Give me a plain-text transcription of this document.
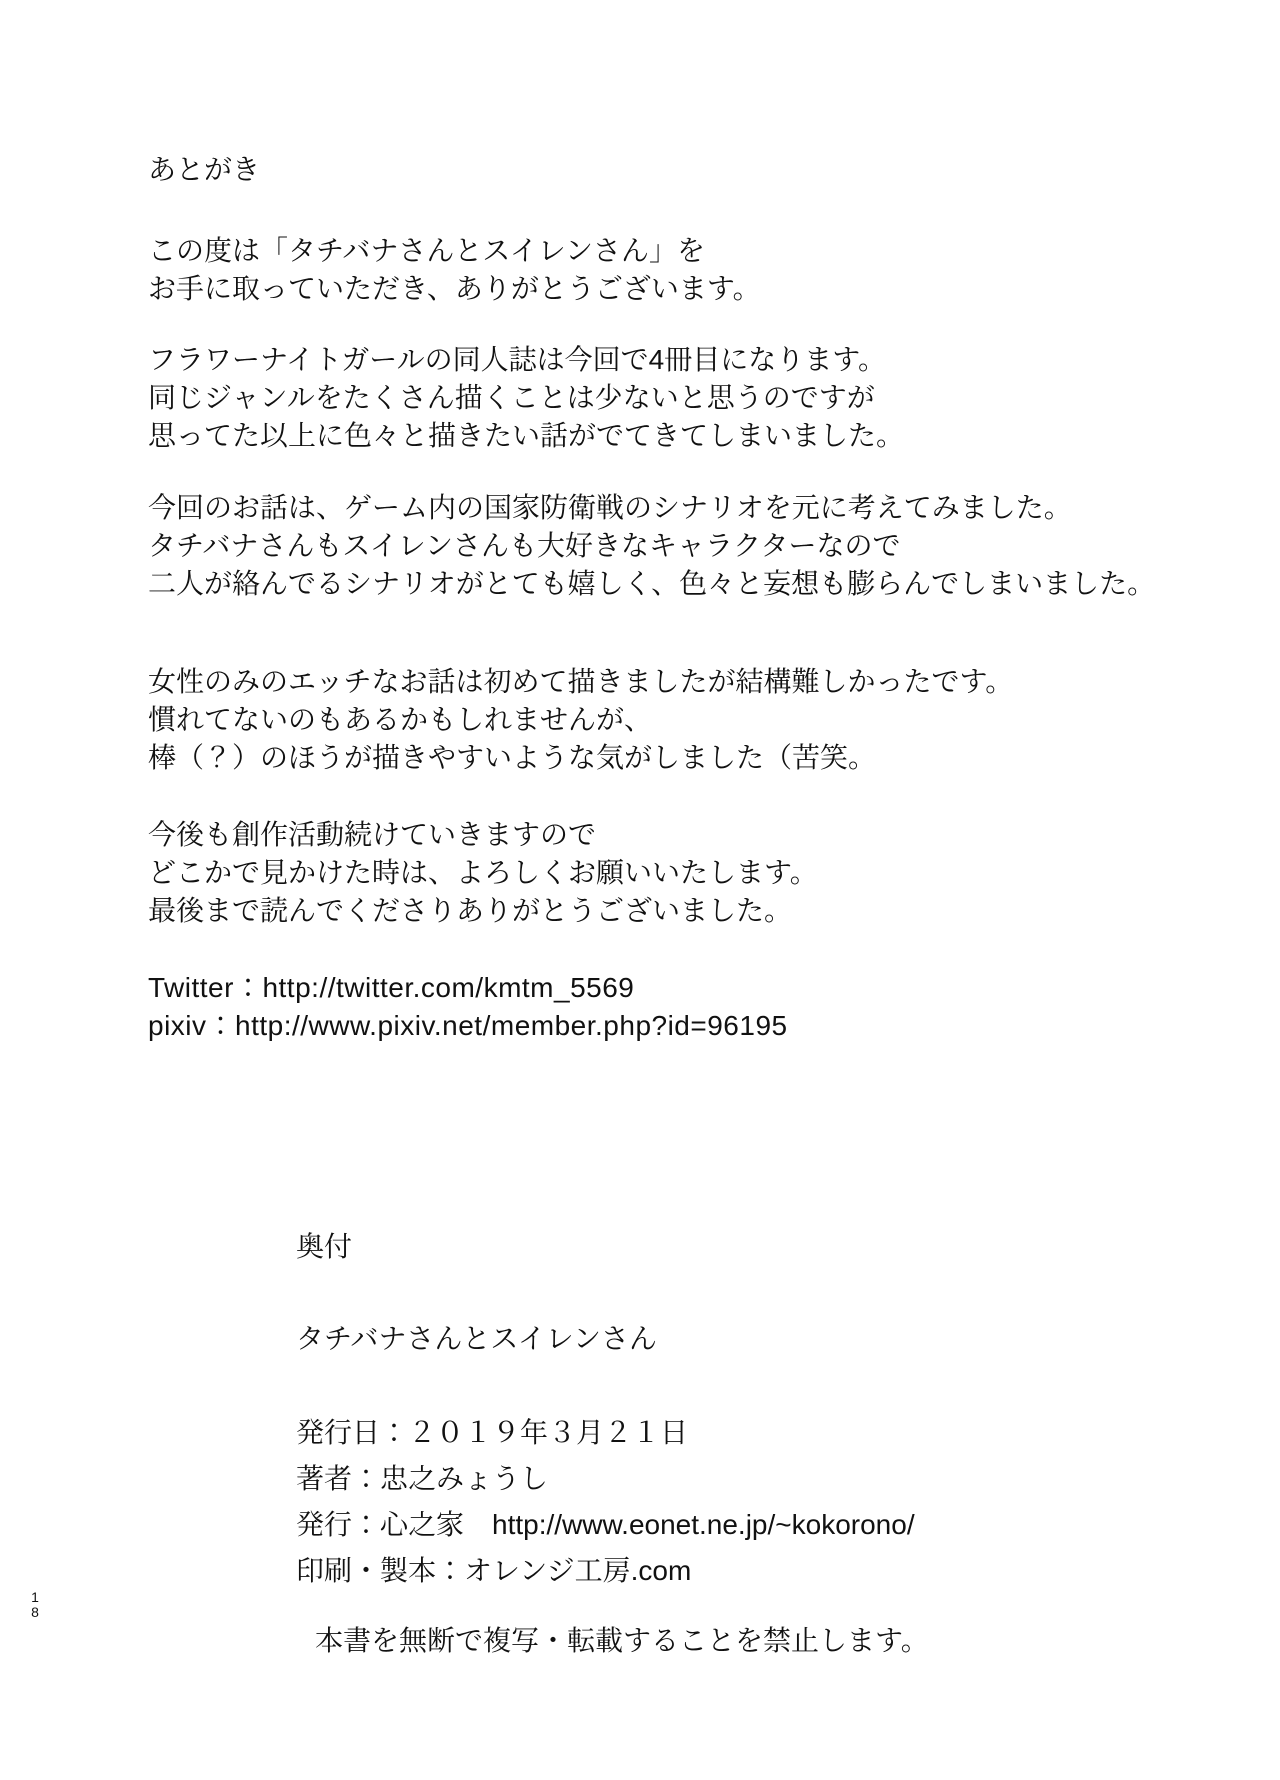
18
あとがき
この度は「タチバナさんとスイレンさん」を
お手に取っていただき、ありがとうございます。
フラワーナイトガールの同人誌は今回で4冊目になります。
同じジャンルをたくさん描くことは少ないと思うのですが
思ってた以上に色々と描きたい話がでてきてしまいました。
今回のお話は、ゲーム内の国家防衛戦のシナリオを元に考えてみました。
タチバナさんもスイレンさんも大好きなキャラクターなので
二人が絡んでるシナリオがとても嬉しく、色々と妄想も膨らんでしまいました。
女性のみのエッチなお話は初めて描きましたが結構難しかったです。
慣れてないのもあるかもしれませんが、
棒（？）のほうが描きやすいような気がしました（苦笑。
今後も創作活動続けていきますので
どこかで見かけた時は、よろしくお願いいたします。
最後まで読んでくださりありがとうございました。
Twitter：http://twitter.com/kmtm_5569
pixiv：http://www.pixiv.net/member.php?id=96195
奥付
タチバナさんとスイレンさん
発行日：２０１９年３月２１日
著者：忠之みょうし
発行：心之家　http://www.eonet.ne.jp/~kokorono/
印刷・製本：オレンジ工房.com
本書を無断で複写・転載することを禁止します。
